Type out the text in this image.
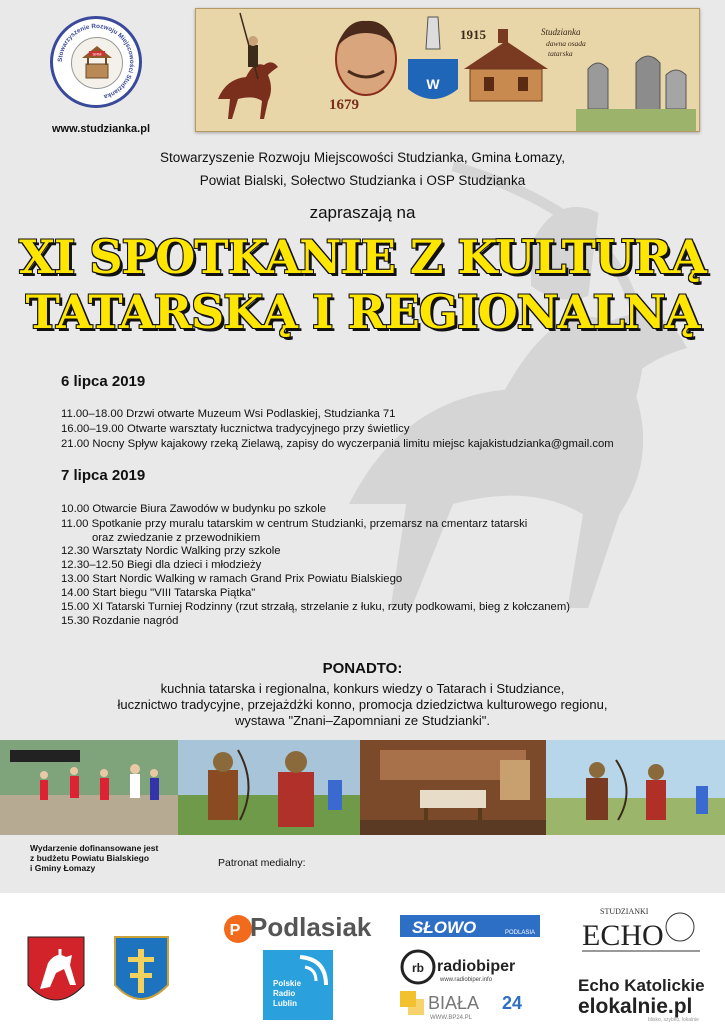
Stowarzyszenie Rozwoju Miejscowości Studzianka
SRM
www.studzianka.pl
1679
W
1915	Studzianka
dawna osada
tatarska
Stowarzyszenie Rozwoju Miejscowości Studzianka, Gmina Łomazy,
Powiat Bialski, Sołectwo Studzianka i OSP Studzianka
zapraszają na
XI SPOTKANIE Z KULTURĄ
TATARSKĄ I REGIONALNĄ
6 lipca 2019
11.00–18.00 Drzwi otwarte Muzeum Wsi Podlaskiej, Studzianka 71
16.00–19.00 Otwarte warsztaty łucznictwa tradycyjnego przy świetlicy
21.00 Nocny Spływ kajakowy rzeką Zielawą, zapisy do wyczerpania limitu miejsc kajakistudzianka@gmail.com
7 lipca 2019
10.00 Otwarcie Biura Zawodów w budynku po szkole
11.00 Spotkanie przy muralu tatarskim w centrum Studzianki, przemarsz na cmentarz tatarski
oraz zwiedzanie z przewodnikiem
12.30 Warsztaty Nordic Walking przy szkole
12.30–12.50 Biegi dla dzieci i młodzieży
13.00 Start Nordic Walking w ramach Grand Prix Powiatu Bialskiego
14.00 Start biegu "VIII Tatarska Piątka"
15.00 XI Tatarski Turniej Rodzinny (rzut strzałą, strzelanie z łuku, rzuty podkowami, bieg z kołczanem)
15.30 Rozdanie nagród
PONADTO:
kuchnia tatarska i regionalna, konkurs wiedzy o Tatarach i Studziance,
łucznictwo tradycyjne, przejażdżki konno, promocja dziedzictwa kulturowego regionu,
wystawa "Znani–Zapomniani ze Studzianki".
Wydarzenie dofinansowane jest
z budżetu Powiatu Bialskiego
i Gminy Łomazy	Patronat medialny:
P Podlasiak
Polskie
Radio
Lublin
SŁOWO	PODLASIA
rb radiobiper
www.radiobiper.info
BIAŁA 24
WWW.BP24.PL
STUDZIANKI
ECHO
Echo Katolickie
elokalnie.pl
blisko, szybko, lokalnie
